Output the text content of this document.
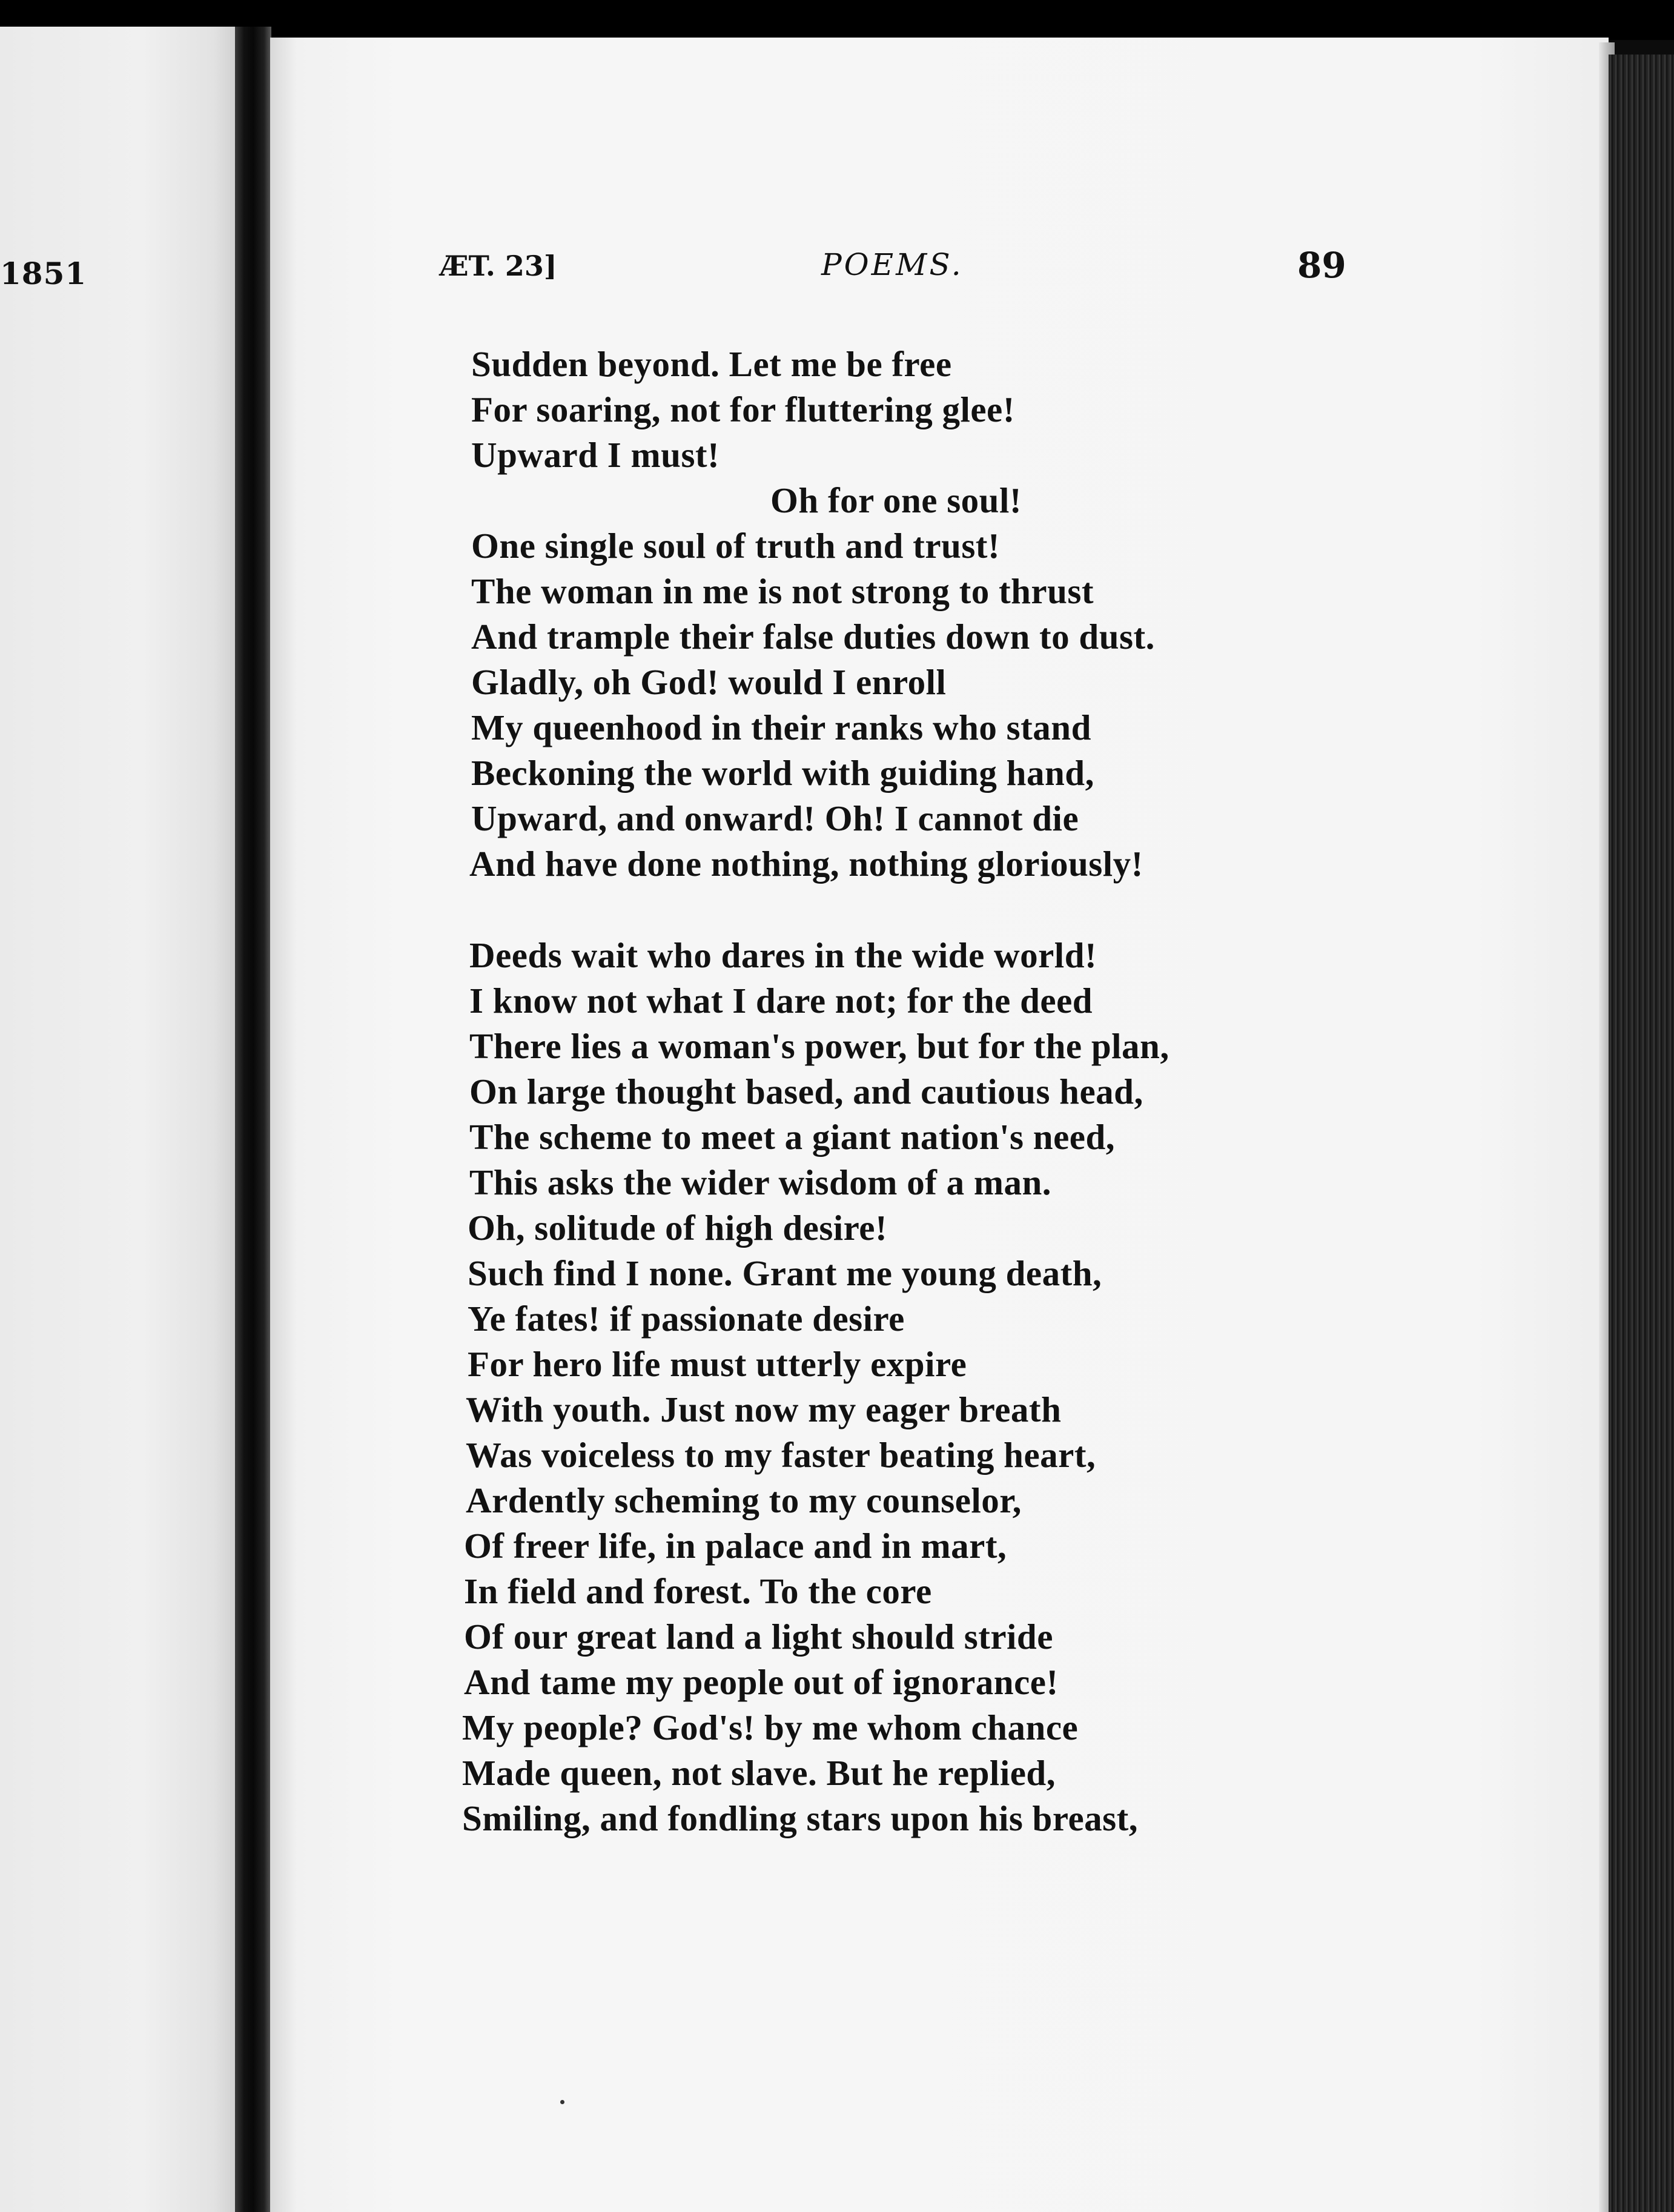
1851	ÆT. 23]	POEMS.	89
Sudden beyond. Let me be free
For soaring, not for fluttering glee!
Upward I must!
Oh for one soul!
One single soul of truth and trust!
The woman in me is not strong to thrust
And trample their false duties down to dust.
Gladly, oh God! would I enroll
My queenhood in their ranks who stand
Beckoning the world with guiding hand,
Upward, and onward! Oh! I cannot die
And have done nothing, nothing gloriously!
Deeds wait who dares in the wide world!
I know not what I dare not; for the deed
There lies a woman's power, but for the plan,
On large thought based, and cautious head,
The scheme to meet a giant nation's need,
This asks the wider wisdom of a man.
Oh, solitude of high desire!
Such find I none. Grant me young death,
Ye fates! if passionate desire
For hero life must utterly expire
With youth. Just now my eager breath
Was voiceless to my faster beating heart,
Ardently scheming to my counselor,
Of freer life, in palace and in mart,
In field and forest. To the core
Of our great land a light should stride
And tame my people out of ignorance!
My people? God's! by me whom chance
Made queen, not slave. But he replied,
Smiling, and fondling stars upon his breast,
